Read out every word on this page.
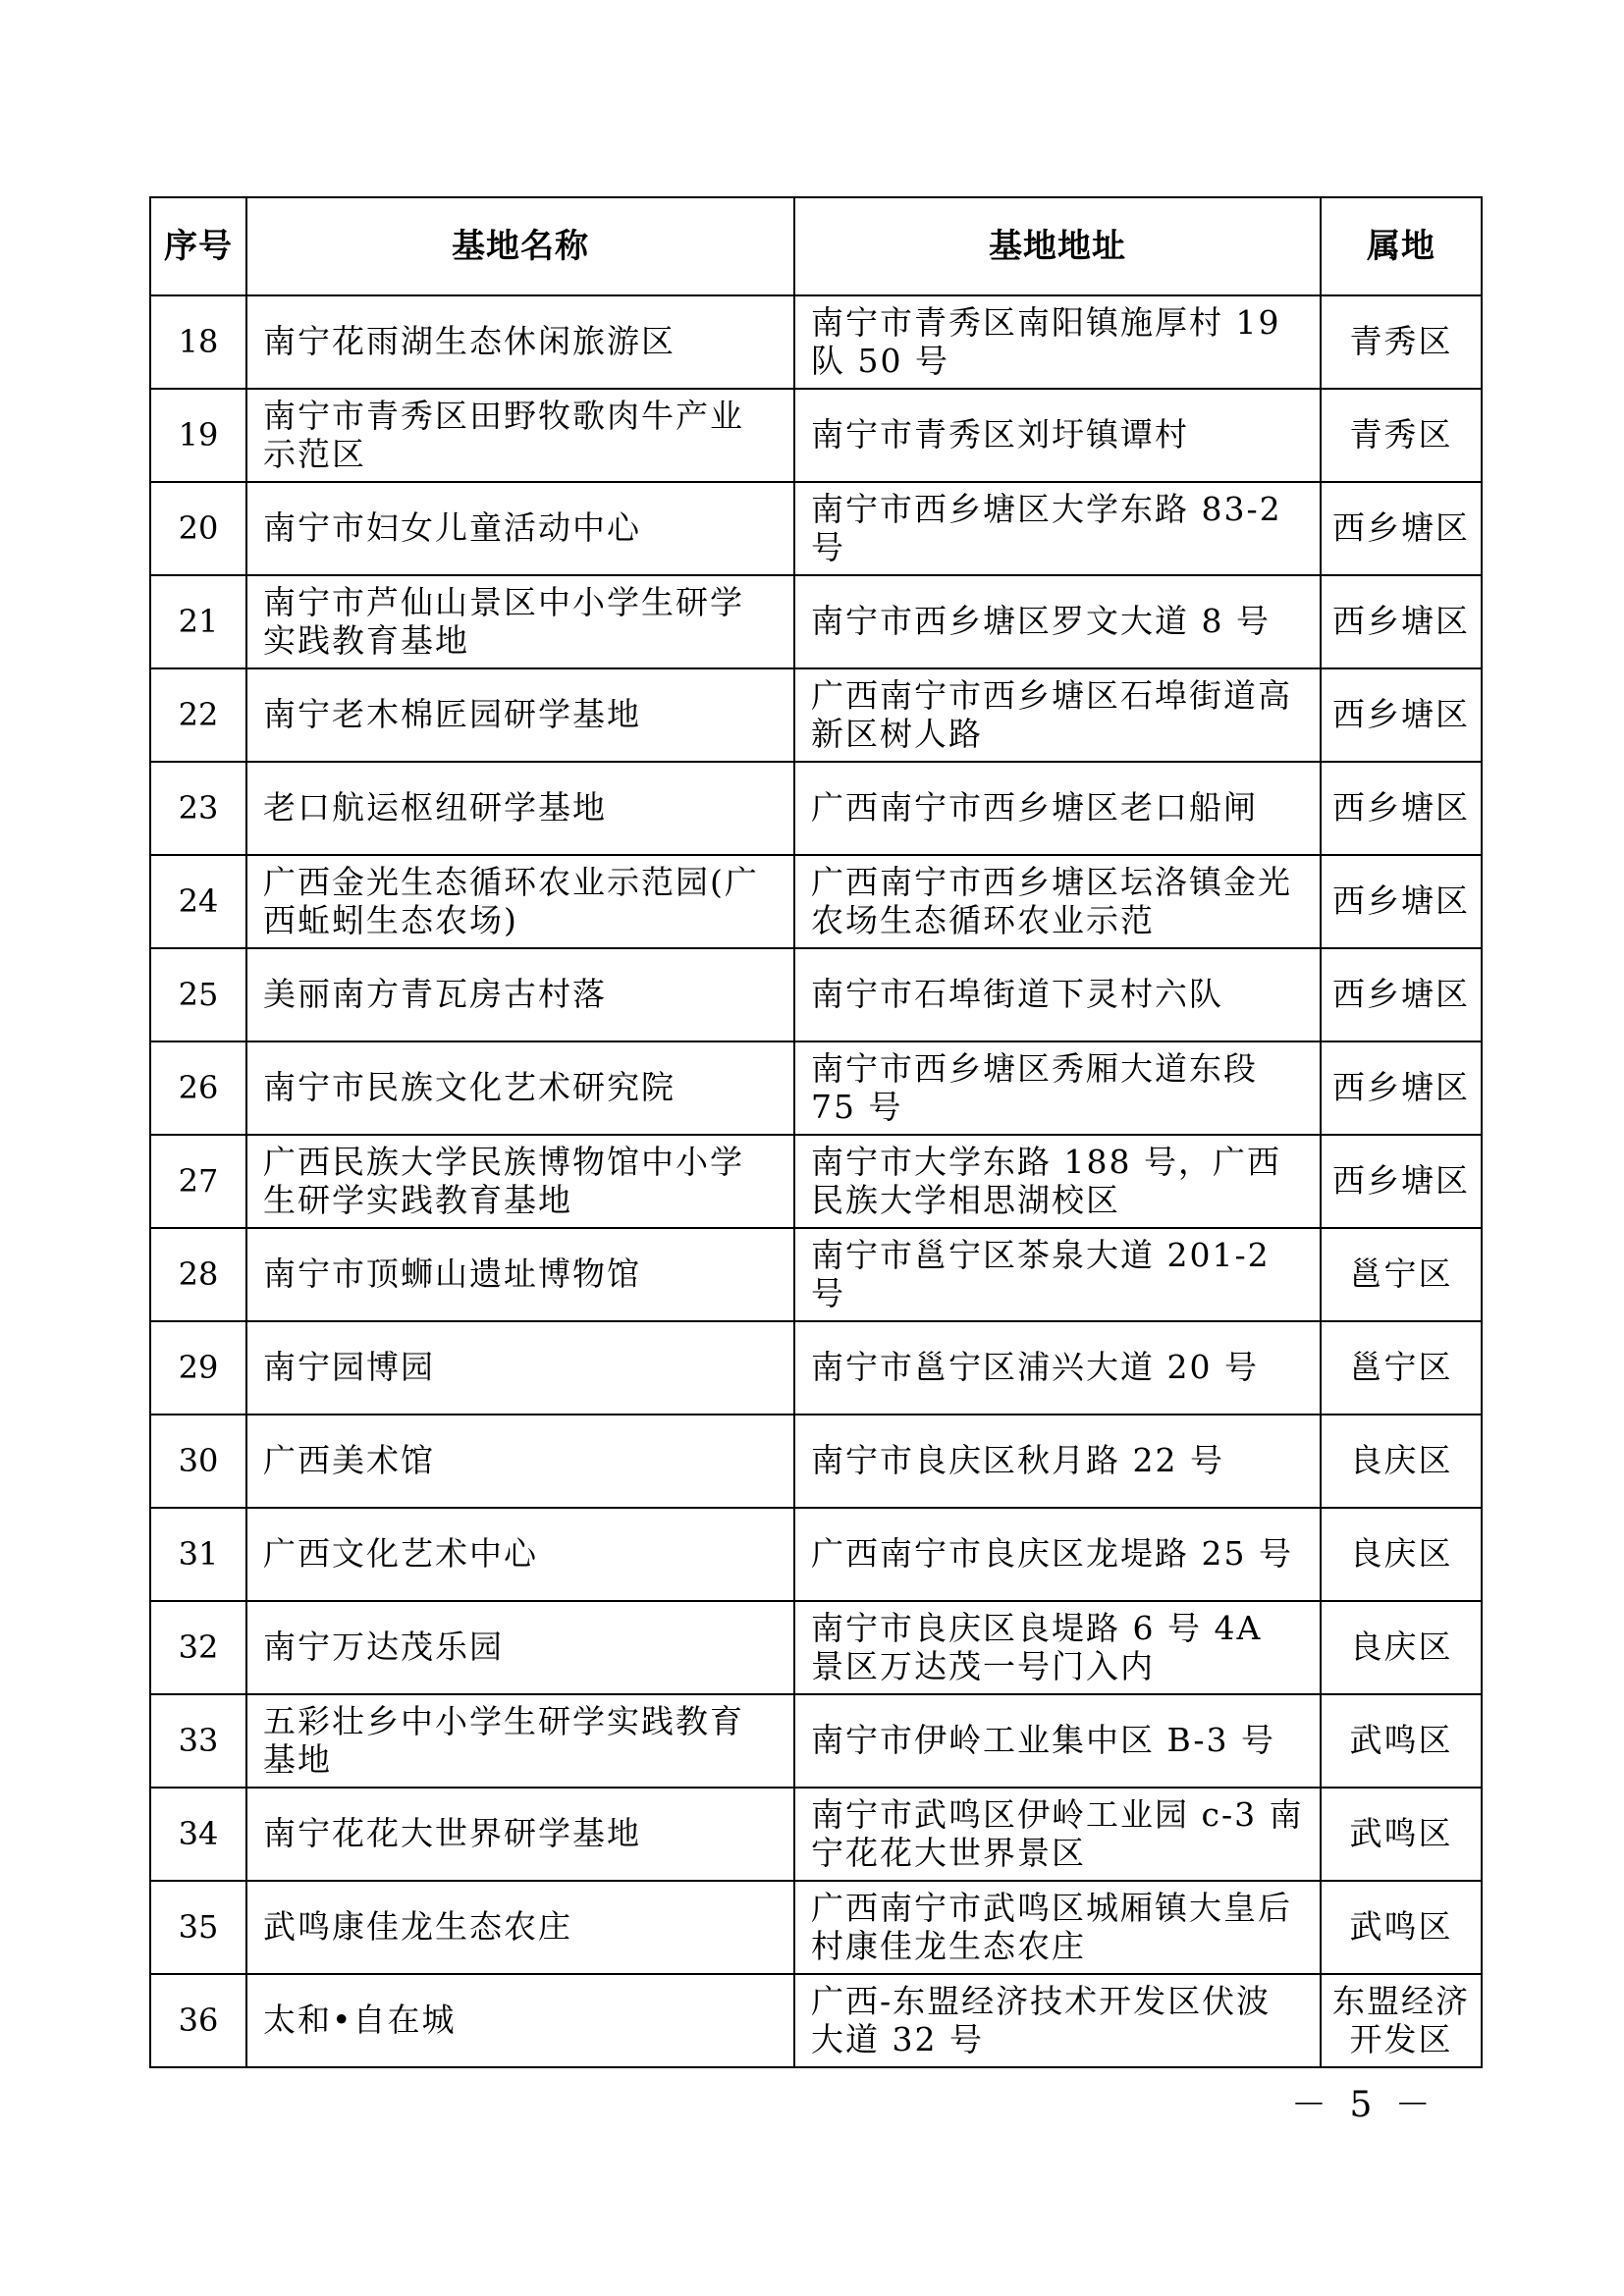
序号	基地名称	基地地址	属地
18	南宁花雨湖生态休闲旅游区	南宁市青秀区南阳镇施厚村 19 队 50 号	青秀区
19	南宁市青秀区田野牧歌肉牛产业示范区	南宁市青秀区刘圩镇谭村	青秀区
20	南宁市妇女儿童活动中心	南宁市西乡塘区大学东路 83-2 号	西乡塘区
21	南宁市芦仙山景区中小学生研学实践教育基地	南宁市西乡塘区罗文大道 8 号	西乡塘区
22	南宁老木棉匠园研学基地	广西南宁市西乡塘区石埠街道高新区树人路	西乡塘区
23	老口航运枢纽研学基地	广西南宁市西乡塘区老口船闸	西乡塘区
24	广西金光生态循环农业示范园(广西蚯蚓生态农场)	广西南宁市西乡塘区坛洛镇金光农场生态循环农业示范	西乡塘区
25	美丽南方青瓦房古村落	南宁市石埠街道下灵村六队	西乡塘区
26	南宁市民族文化艺术研究院	南宁市西乡塘区秀厢大道东段 75 号	西乡塘区
27	广西民族大学民族博物馆中小学生研学实践教育基地	南宁市大学东路 188 号，广西民族大学相思湖校区	西乡塘区
28	南宁市顶蛳山遗址博物馆	南宁市邕宁区茶泉大道 201-2 号	邕宁区
29	南宁园博园	南宁市邕宁区浦兴大道 20 号	邕宁区
30	广西美术馆	南宁市良庆区秋月路 22 号	良庆区
31	广西文化艺术中心	广西南宁市良庆区龙堤路 25 号	良庆区
32	南宁万达茂乐园	南宁市良庆区良堤路 6 号 4A 景区万达茂一号门入内	良庆区
33	五彩壮乡中小学生研学实践教育基地	南宁市伊岭工业集中区 B-3 号	武鸣区
34	南宁花花大世界研学基地	南宁市武鸣区伊岭工业园 c-3 南宁花花大世界景区	武鸣区
35	武鸣康佳龙生态农庄	广西南宁市武鸣区城厢镇大皇后村康佳龙生态农庄	武鸣区
36	太和•自在城	广西-东盟经济技术开发区伏波大道 32 号	东盟经济开发区
－ 5 －
